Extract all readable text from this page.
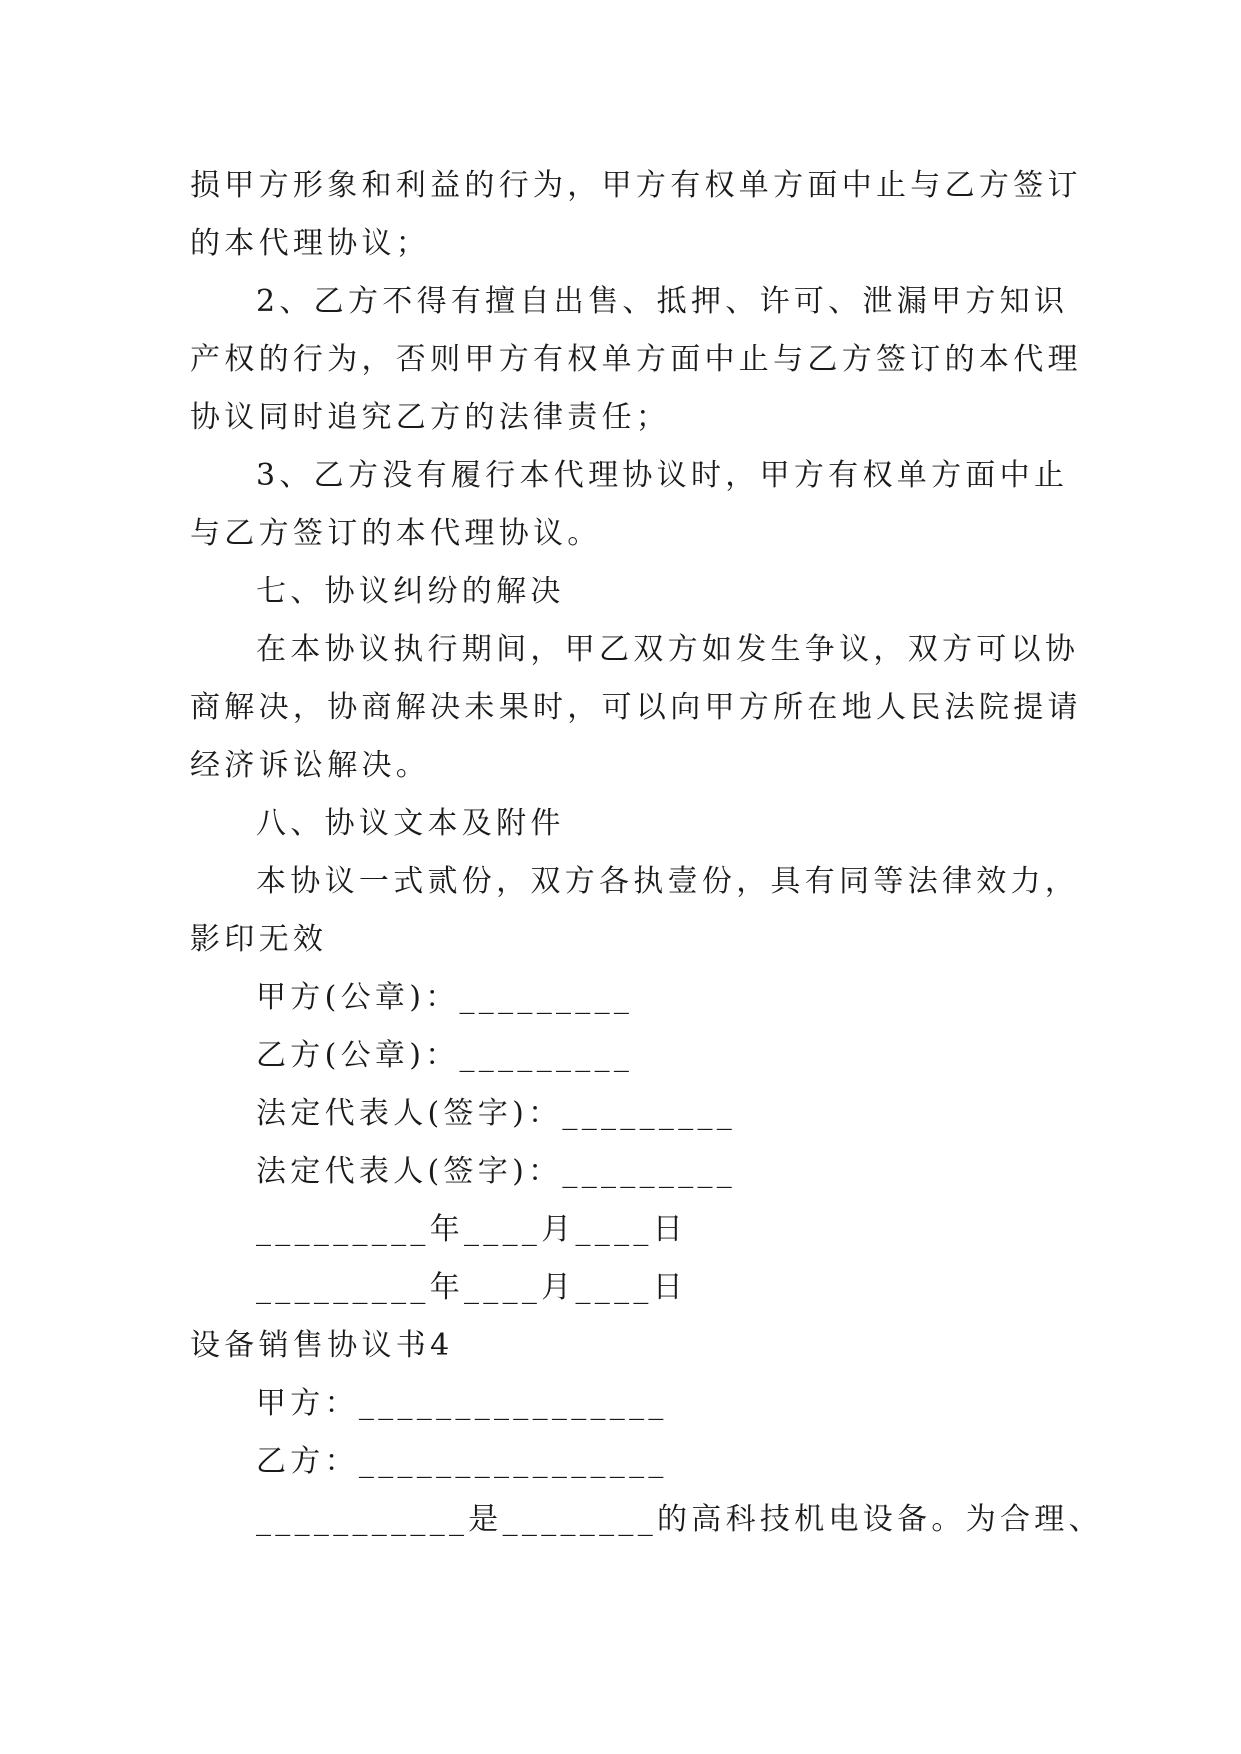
损甲方形象和利益的行为，甲方有权单方面中止与乙方签订
的本代理协议；
2、乙方不得有擅自出售、抵押、许可、泄漏甲方知识
产权的行为，否则甲方有权单方面中止与乙方签订的本代理
协议同时追究乙方的法律责任；
3、乙方没有履行本代理协议时，甲方有权单方面中止
与乙方签订的本代理协议。
七、协议纠纷的解决
在本协议执行期间，甲乙双方如发生争议，双方可以协
商解决，协商解决未果时，可以向甲方所在地人民法院提请
经济诉讼解决。
八、协议文本及附件
本协议一式贰份，双方各执壹份，具有同等法律效力，
影印无效
甲方(公章)：_________
乙方(公章)：_________
法定代表人(签字)：_________
法定代表人(签字)：_________
_________年____月____日
_________年____月____日
设备销售协议书4
甲方：________________
乙方：________________
___________是________的高科技机电设备。为合理、
